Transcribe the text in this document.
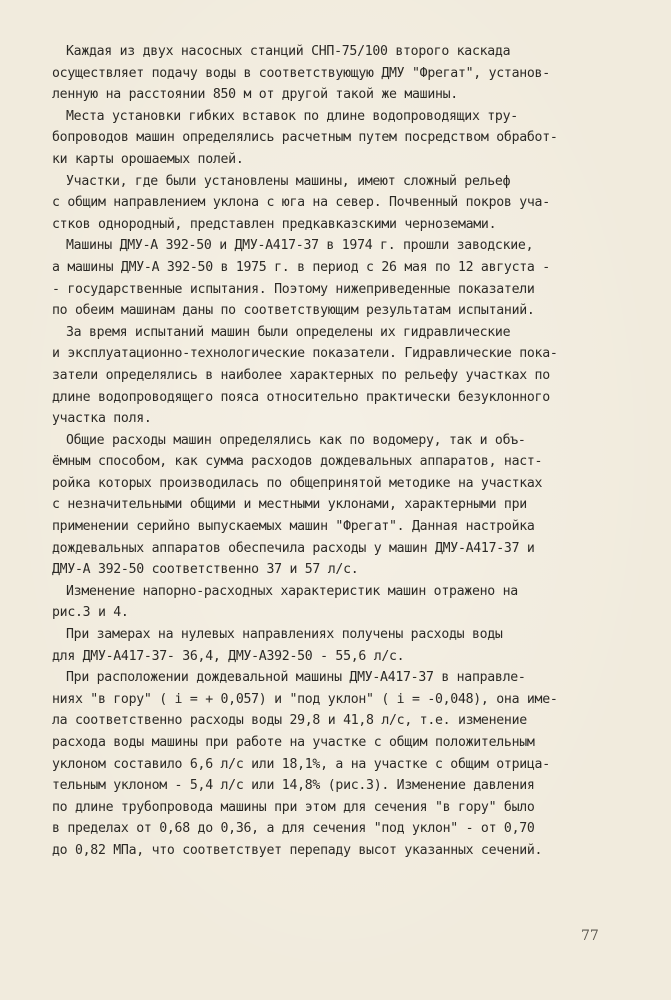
Каждая из двух насосных станций СНП-75/100 второго каскада
осуществляет подачу воды в соответствующую ДМУ "Фрегат", установ-
ленную на расстоянии 850 м от другой такой же машины.
Места установки гибких вставок по длине водопроводящих тру-
бопроводов машин определялись расчетным путем посредством обработ-
ки карты орошаемых полей.
Участки, где были установлены машины, имеют сложный рельеф
с общим направлением уклона с юга на север. Почвенный покров уча-
стков однородный, представлен предкавказскими черноземами.
Машины ДМУ-А 392-50 и ДМУ-А417-37 в 1974 г. прошли заводские,
а машины ДМУ-А 392-50 в 1975 г. в период с 26 мая по 12 августа -
- государственные испытания. Поэтому нижеприведенные показатели
по обеим машинам даны по соответствующим результатам испытаний.
За время испытаний машин были определены их гидравлические
и эксплуатационно-технологические показатели. Гидравлические пока-
затели определялись в наиболее характерных по рельефу участках по
длине водопроводящего пояса относительно практически безуклонного
участка поля.
Общие расходы машин определялись как по водомеру, так и объ-
ёмным способом, как сумма расходов дождевальных аппаратов, наст-
ройка которых производилась по общепринятой методике на участках
с незначительными общими и местными уклонами, характерными при
применении серийно выпускаемых машин "Фрегат". Данная настройка
дождевальных аппаратов обеспечила расходы у машин ДМУ-А417-37 и
ДМУ-А 392-50 соответственно 37 и 57 л/с.
Изменение напорно-расходных характеристик машин отражено на
рис.3 и 4.
При замерах на нулевых направлениях получены расходы воды
для ДМУ-А417-37- 36,4, ДМУ-А392-50 - 55,6 л/с.
При расположении дождевальной машины ДМУ-А417-37 в направле-
ниях "в гору" ( i = + 0,057) и "под уклон" ( i = -0,048), она име-
ла соответственно расходы воды 29,8 и 41,8 л/с, т.е. изменение
расхода воды машины при работе на участке с общим положительным
уклоном составило 6,6 л/с или 18,1%, а на участке с общим отрица-
тельным уклоном - 5,4 л/с или 14,8% (рис.3). Изменение давления
по длине трубопровода машины при этом для сечения "в гору" было
в пределах от 0,68 до 0,36, а для сечения "под уклон" - от 0,70
до 0,82 МПа, что соответствует перепаду высот указанных сечений.
77
